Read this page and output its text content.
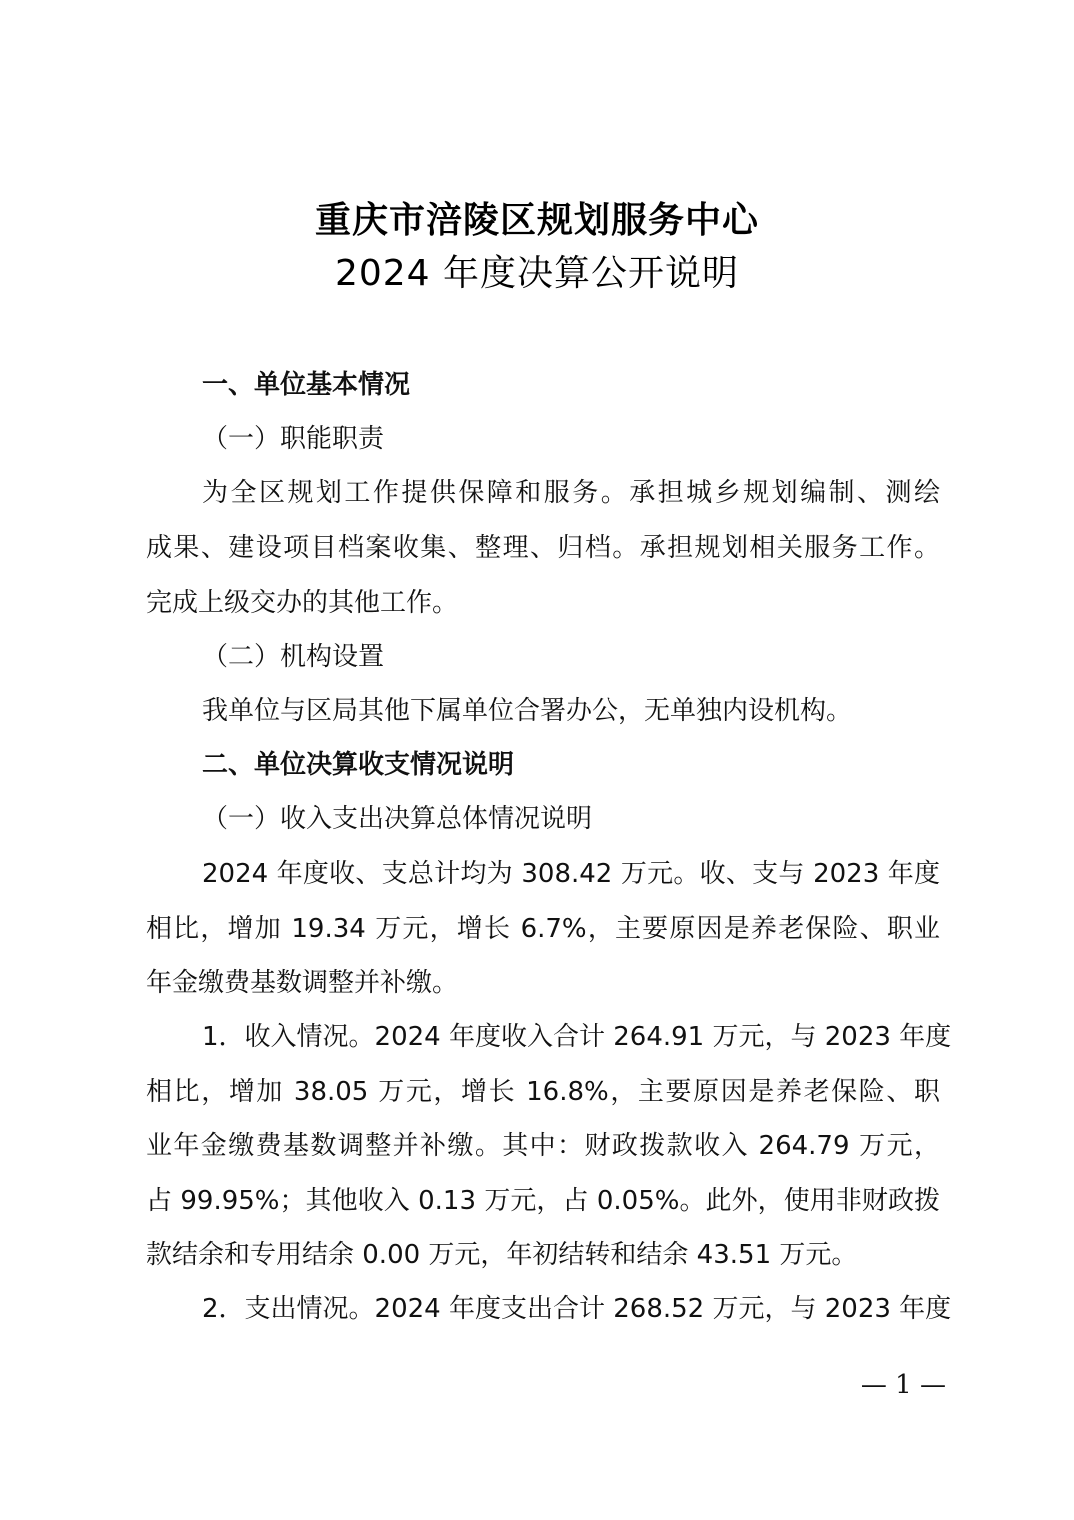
重庆市涪陵区规划服务中心
2024 年度决算公开说明
一、单位基本情况
（一）职能职责
为全区规划工作提供保障和服务。承担城乡规划编制、测绘
成果、建设项目档案收集、整理、归档。承担规划相关服务工作。
完成上级交办的其他工作。
（二）机构设置
我单位与区局其他下属单位合署办公，无单独内设机构。
二、单位决算收支情况说明
（一）收入支出决算总体情况说明
2024 年度收、支总计均为 308.42 万元。收、支与 2023 年度
相比，增加 19.34 万元，增长 6.7%，主要原因是养老保险、职业
年金缴费基数调整并补缴。
1．收入情况。2024 年度收入合计 264.91 万元，与 2023 年度
相比，增加 38.05 万元，增长 16.8%，主要原因是养老保险、职
业年金缴费基数调整并补缴。其中：财政拨款收入 264.79 万元，
占 99.95%；其他收入 0.13 万元，占 0.05%。此外，使用非财政拨
款结余和专用结余 0.00 万元，年初结转和结余 43.51 万元。
2．支出情况。2024 年度支出合计 268.52 万元，与 2023 年度
— 1 —
